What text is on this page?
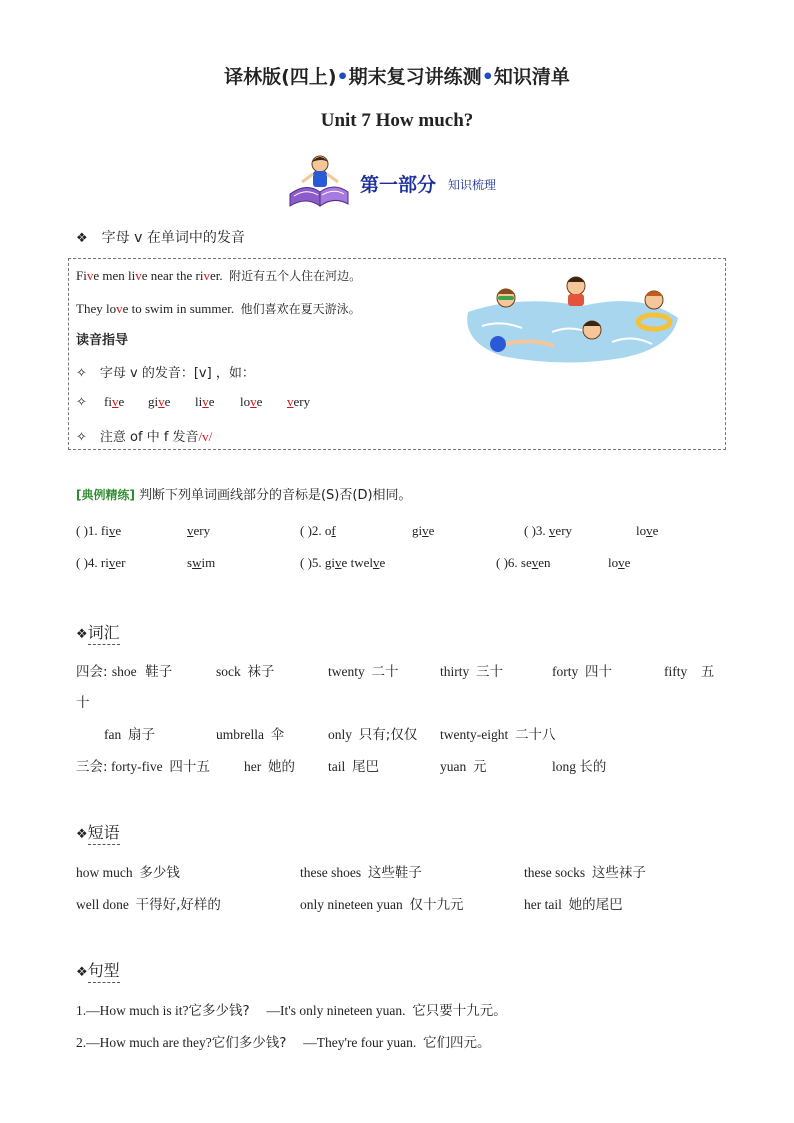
译林版(四上)•期末复习讲练测•知识清单
Unit 7 How much?
第一部分 知识梳理
❖ 字母 v 在单词中的发音
Five men live near the river. 附近有五个人住在河边。
They love to swim in summer. 他们喜欢在夏天游泳。
读音指导
✧ 字母 v 的发音：[v] ，如：
✧ five give live love very
✧ 注意 of 中 f 发音/v/
[典例精练] 判断下列单词画线部分的音标是(S)否(D)相同。
( )1. five	very	( )2. of	give	( )3. very	love
( )4. river	swim	( )5. give twelve	( )6. seven	love
❖词汇
四会: shoe 鞋子	sock 袜子	twenty 二十	thirty 三十	forty 四十	fifty 五
十
fan 扇子	umbrella 伞	only 只有;仅仅 twenty-eight 二十八
三会: forty-five 四十五	her 她的 tail 尾巴	yuan 元	long 长的
❖短语
how much 多少钱	these shoes 这些鞋子	these socks 这些袜子
well done 干得好,好样的	only nineteen yuan 仅十九元	her tail 她的尾巴
❖句型
1.—How much is it?它多少钱? —It's only nineteen yuan. 它只要十九元。
2.—How much are they?它们多少钱? —They're four yuan. 它们四元。
